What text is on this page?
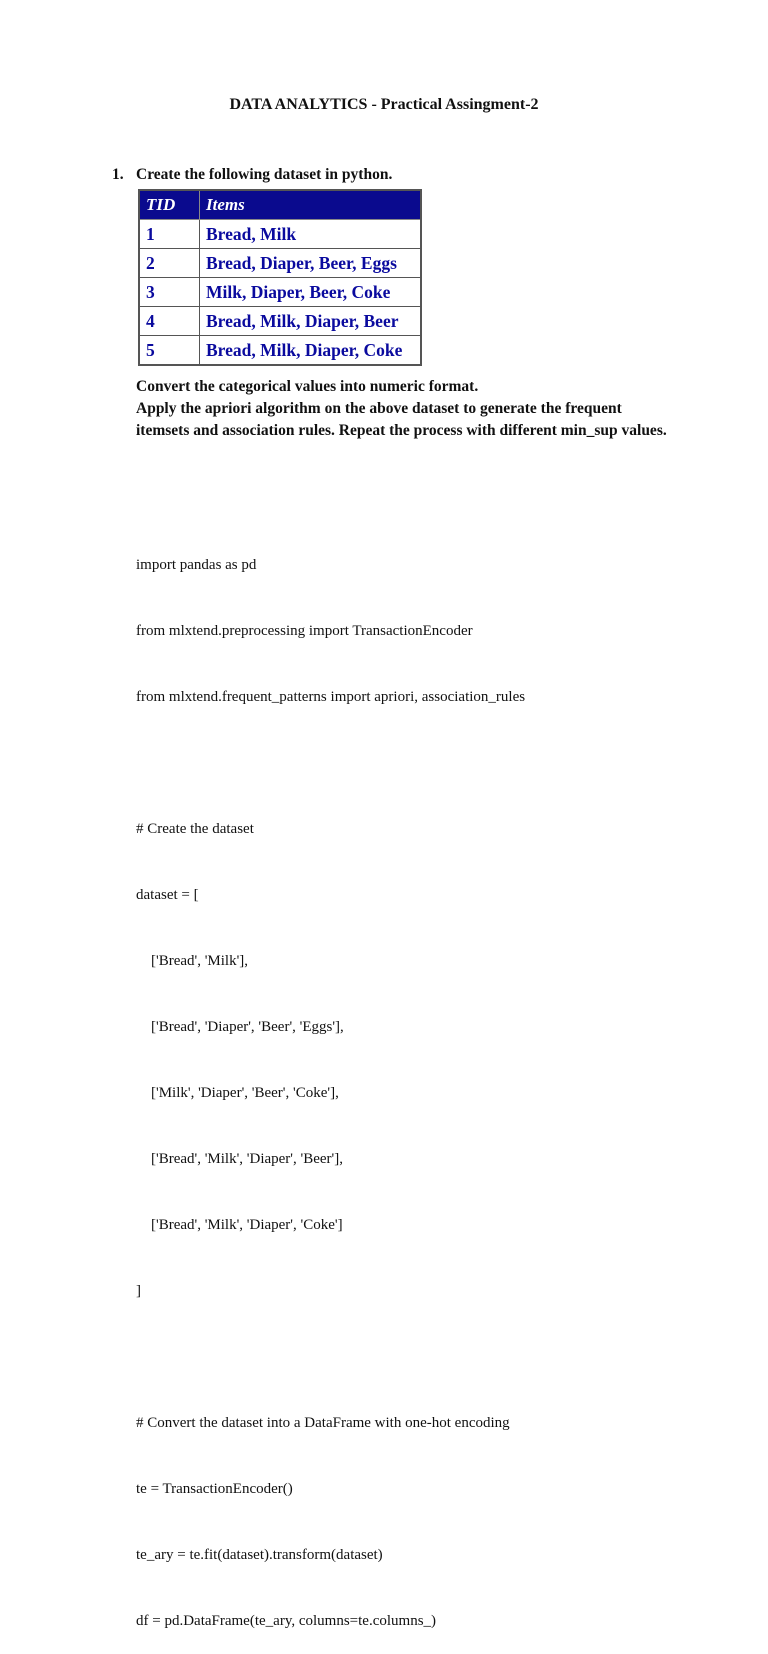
DATA ANALYTICS - Practical Assingment-2
1. Create the following dataset in python.
TID	Items
1	Bread, Milk
2	Bread, Diaper, Beer, Eggs
3	Milk, Diaper, Beer, Coke
4	Bread, Milk, Diaper, Beer
5	Bread, Milk, Diaper, Coke

Convert the categorical values into numeric format.

Apply the apriori algorithm on the above dataset to generate the frequent itemsets and association rules. Repeat the process with different min_sup values.

import pandas as pd

from mlxtend.preprocessing import TransactionEncoder

from mlxtend.frequent_patterns import apriori, association_rules

# Create the dataset

dataset = [

['Bread', 'Milk'],

['Bread', 'Diaper', 'Beer', 'Eggs'],

['Milk', 'Diaper', 'Beer', 'Coke'],

['Bread', 'Milk', 'Diaper', 'Beer'],

['Bread', 'Milk', 'Diaper', 'Coke']

]

# Convert the dataset into a DataFrame with one-hot encoding

te = TransactionEncoder()

te_ary = te.fit(dataset).transform(dataset)

df = pd.DataFrame(te_ary, columns=te.columns_)
